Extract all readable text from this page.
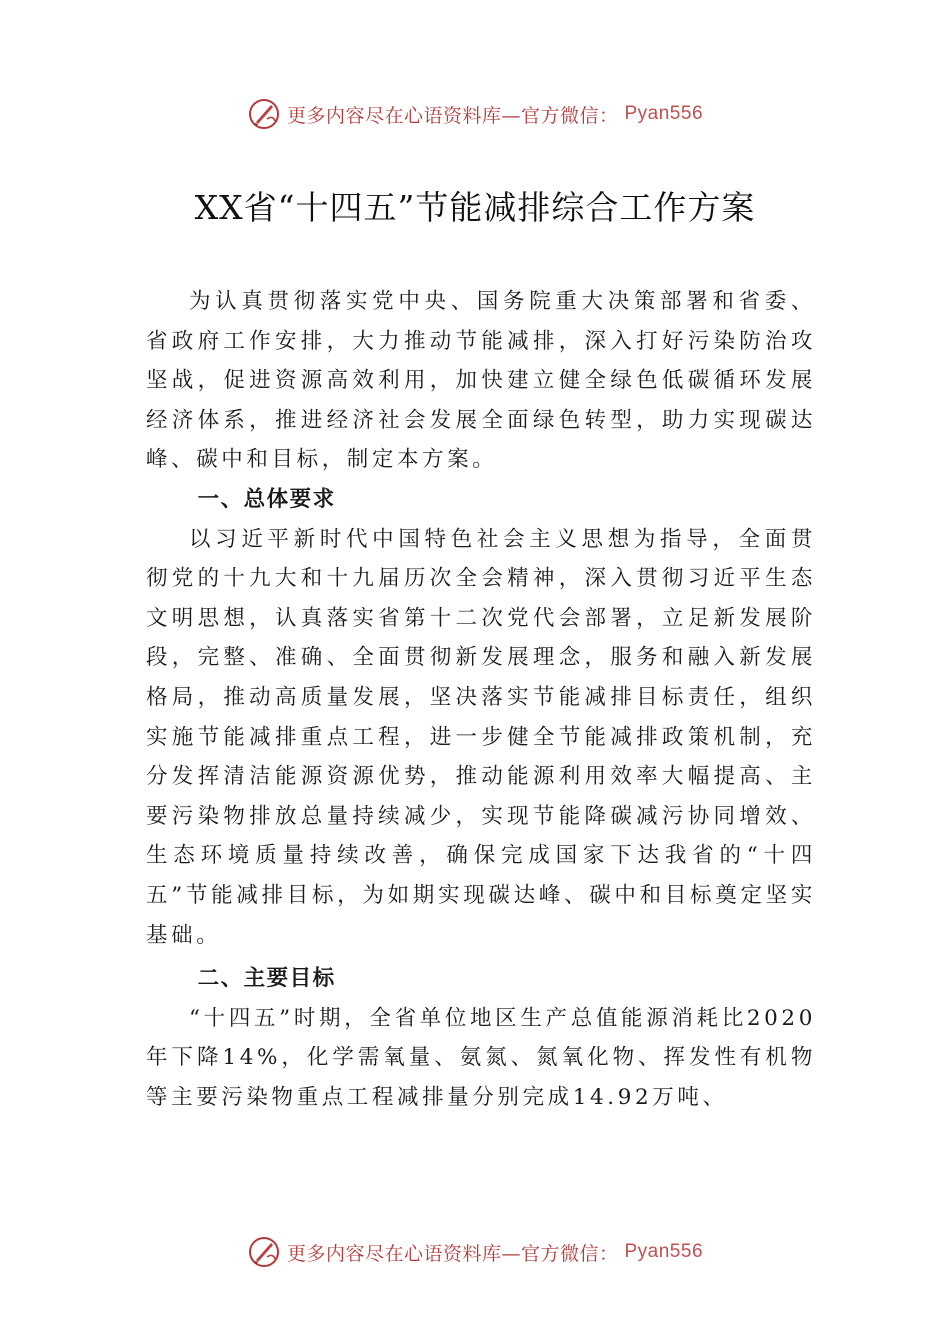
更多内容尽在心语资料库—官方微信： Pyan556
XX省“十四五”节能减排综合工作方案

为认真贯彻落实党中央、国务院重大决策部署和省委、省政府工作安排，大力推动节能减排，深入打好污染防治攻坚战，促进资源高效利用，加快建立健全绿色低碳循环发展经济体系，推进经济社会发展全面绿色转型，助力实现碳达峰、碳中和目标，制定本方案。

一、总体要求

以习近平新时代中国特色社会主义思想为指导，全面贯彻党的十九大和十九届历次全会精神，深入贯彻习近平生态文明思想，认真落实省第十二次党代会部署，立足新发展阶段，完整、准确、全面贯彻新发展理念，服务和融入新发展格局，推动高质量发展，坚决落实节能减排目标责任，组织实施节能减排重点工程，进一步健全节能减排政策机制，充分发挥清洁能源资源优势，推动能源利用效率大幅提高、主要污染物排放总量持续减少，实现节能降碳减污协同增效、生态环境质量持续改善，确保完成国家下达我省的“十四五”节能减排目标，为如期实现碳达峰、碳中和目标奠定坚实基础。

二、主要目标

“十四五”时期，全省单位地区生产总值能源消耗比2020年下降14%，化学需氧量、氨氮、氮氧化物、挥发性有机物等主要污染物重点工程减排量分别完成14.92万吨、

更多内容尽在心语资料库—官方微信： Pyan556
